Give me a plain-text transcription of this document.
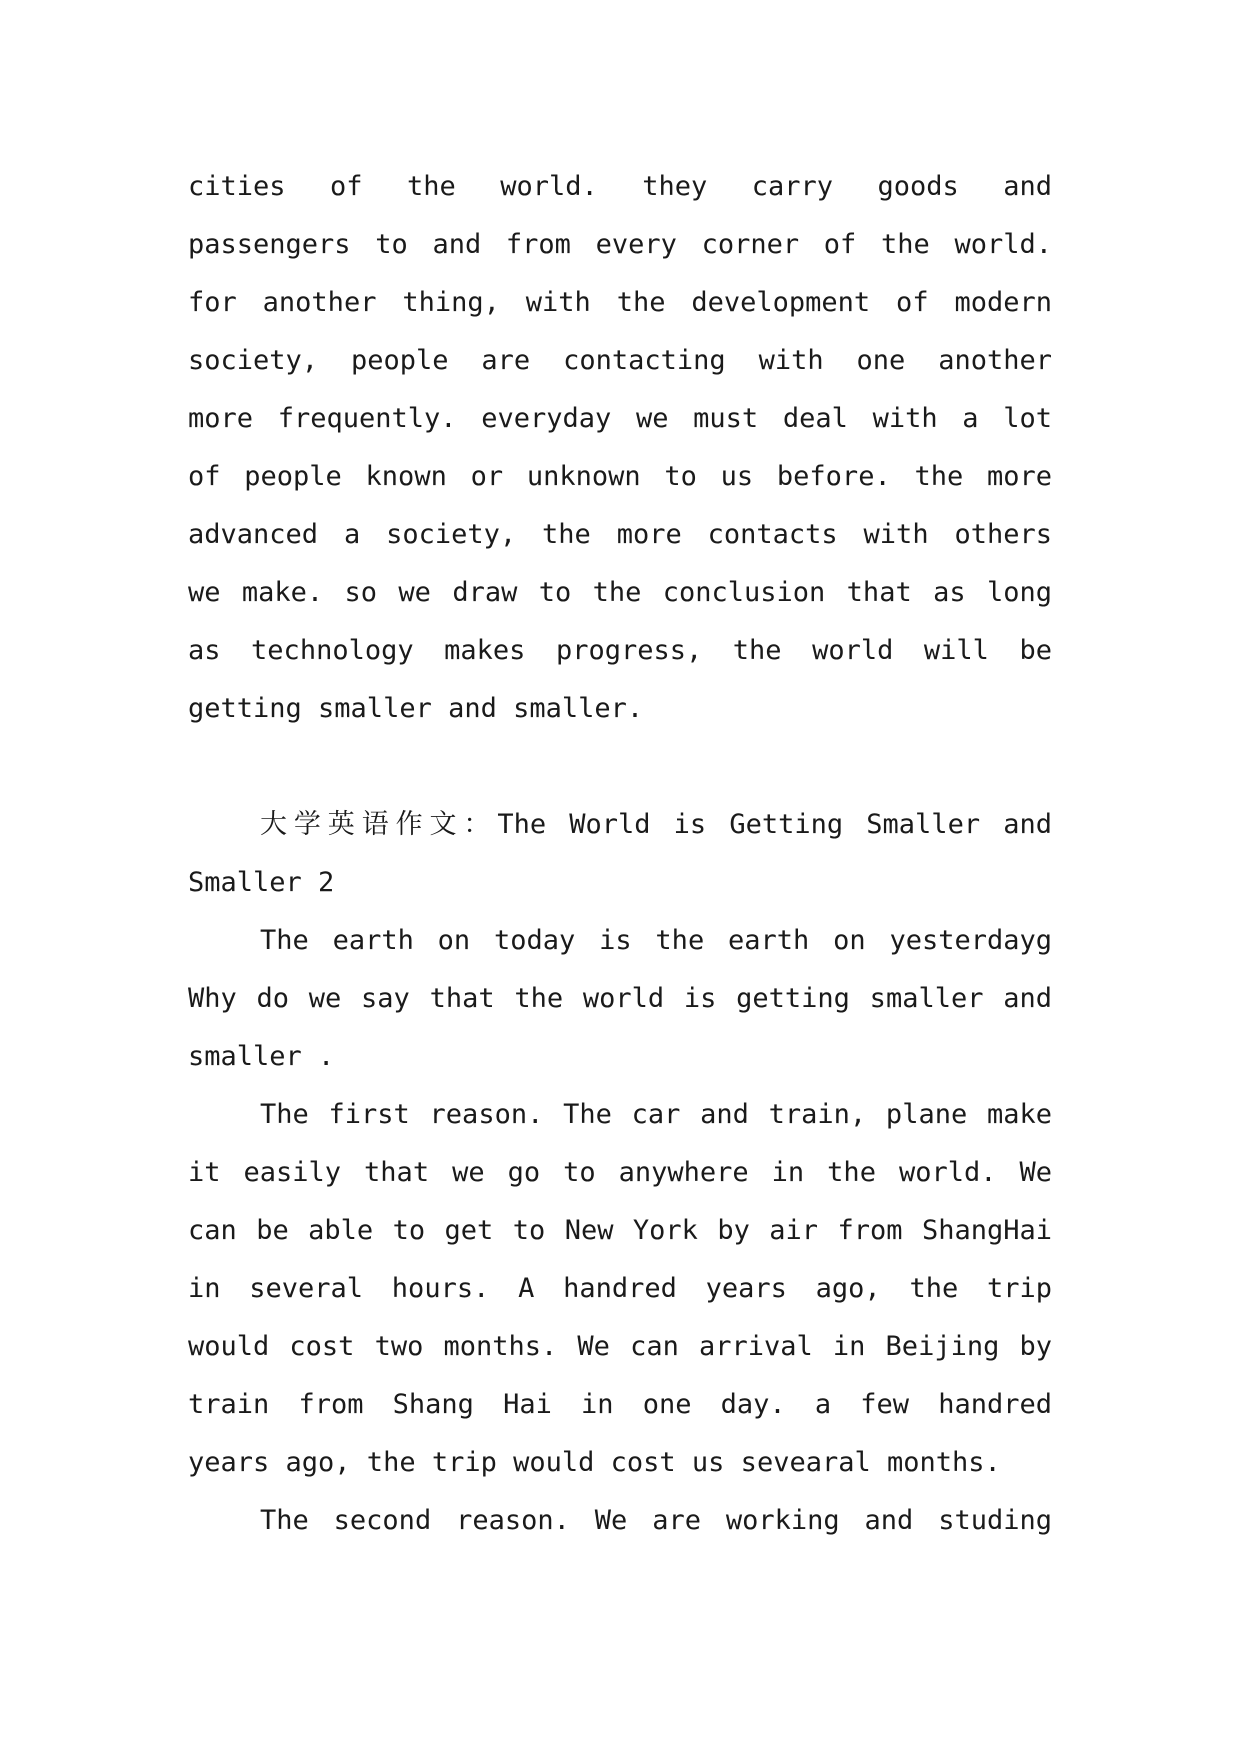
cities of the world. they carry goods and
passengers to and from every corner of the world.
for another thing, with the development of modern
society, people are contacting with one another
more frequently. everyday we must deal with a lot
of people known or unknown to us before. the more
advanced a society, the more contacts with others
we make. so we draw to the conclusion that as long
as technology makes progress, the world will be
getting smaller and smaller.
大学英语作文：The World is Getting Smaller and
Smaller 2
The earth on today is the earth on yesterdayg
Why do we say that the world is getting smaller and
smaller .
The first reason. The car and train, plane make
it easily that we go to anywhere in the world. We
can be able to get to New York by air from ShangHai
in several hours. A handred years ago, the trip
would cost two months. We can arrival in Beijing by
train from Shang Hai in one day. a few handred
years ago, the trip would cost us sevearal months.
The second reason. We are working and studing
